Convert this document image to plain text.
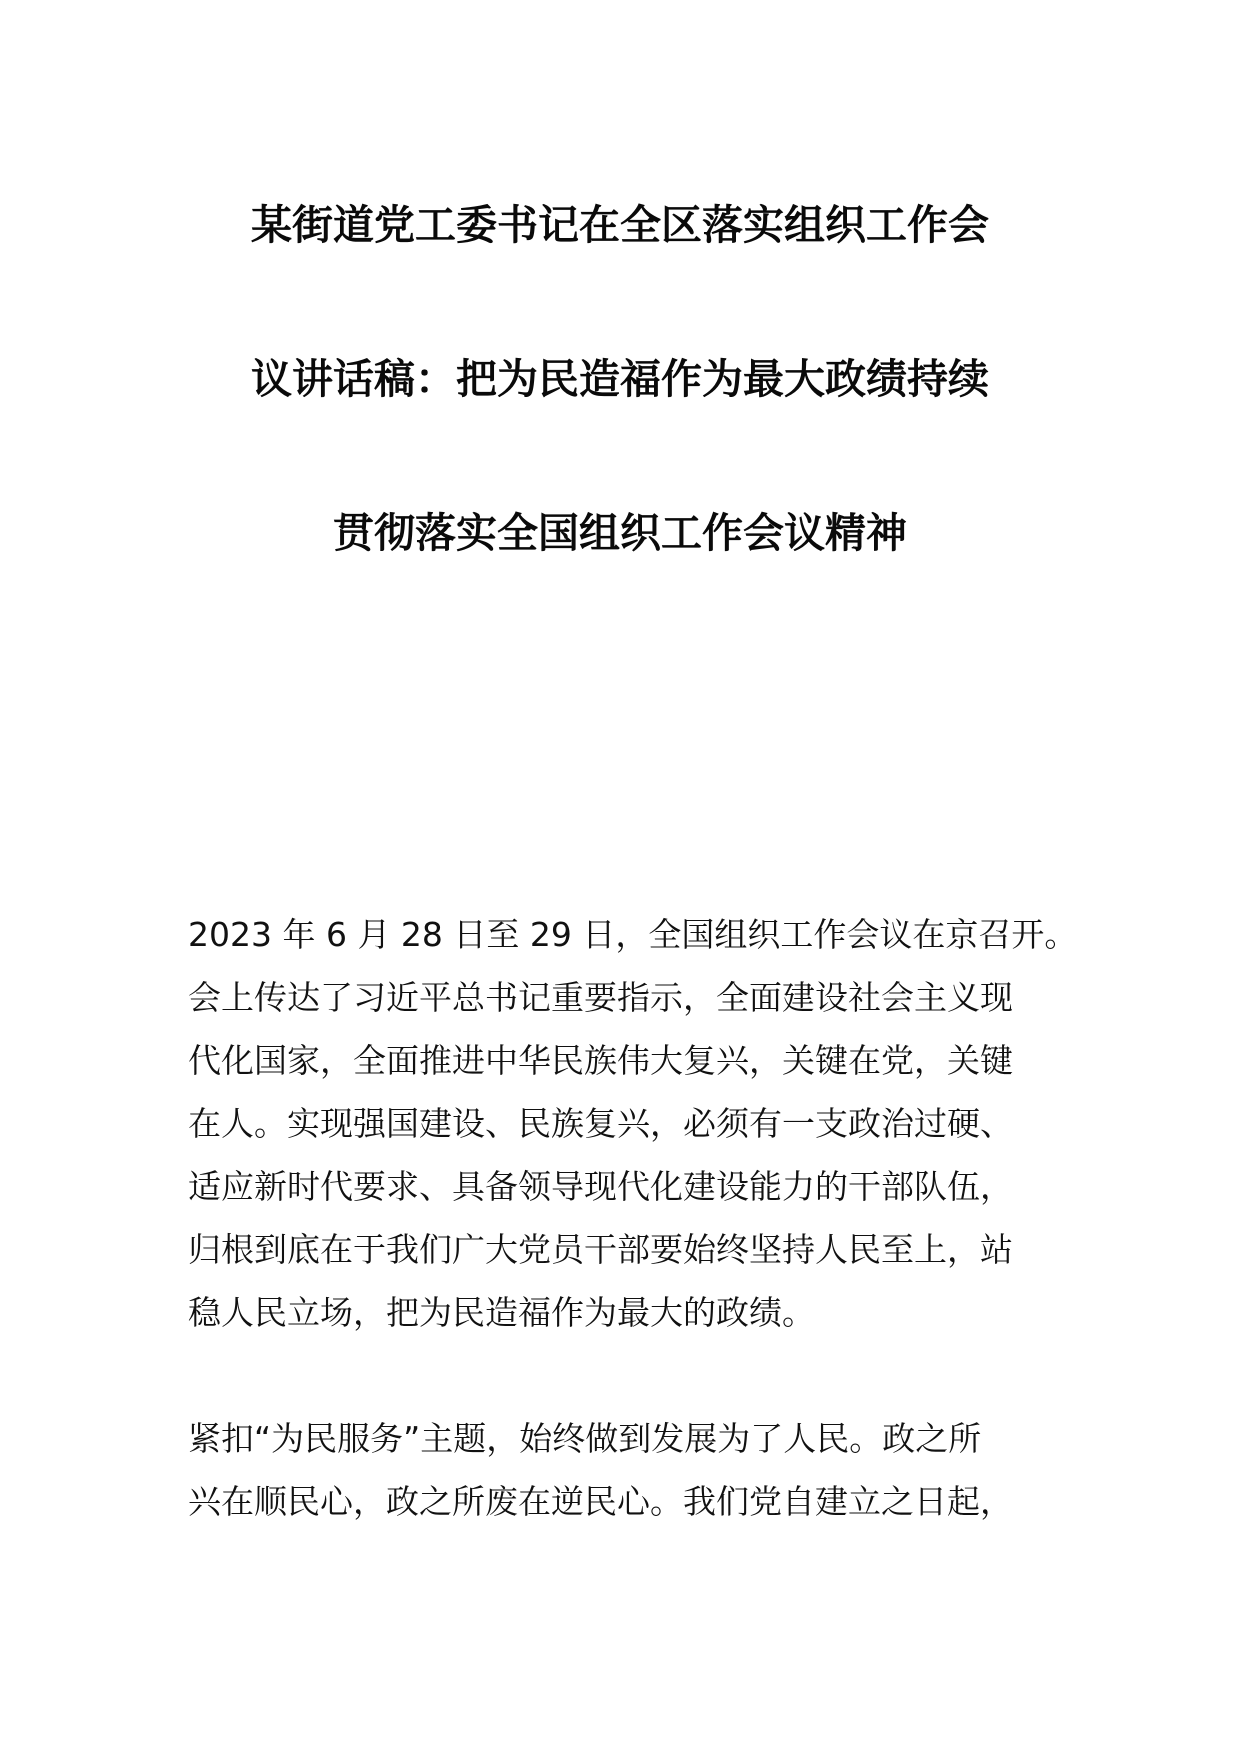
某街道党工委书记在全区落实组织工作会
议讲话稿：把为民造福作为最大政绩持续
贯彻落实全国组织工作会议精神
2023 年 6 月 28 日至 29 日，全国组织工作会议在京召开。
会上传达了习近平总书记重要指示，全面建设社会主义现
代化国家，全面推进中华民族伟大复兴，关键在党，关键
在人。实现强国建设、民族复兴，必须有一支政治过硬、
适应新时代要求、具备领导现代化建设能力的干部队伍，
归根到底在于我们广大党员干部要始终坚持人民至上，站
稳人民立场，把为民造福作为最大的政绩。
紧扣“为民服务”主题，始终做到发展为了人民。政之所
兴在顺民心，政之所废在逆民心。我们党自建立之日起，
